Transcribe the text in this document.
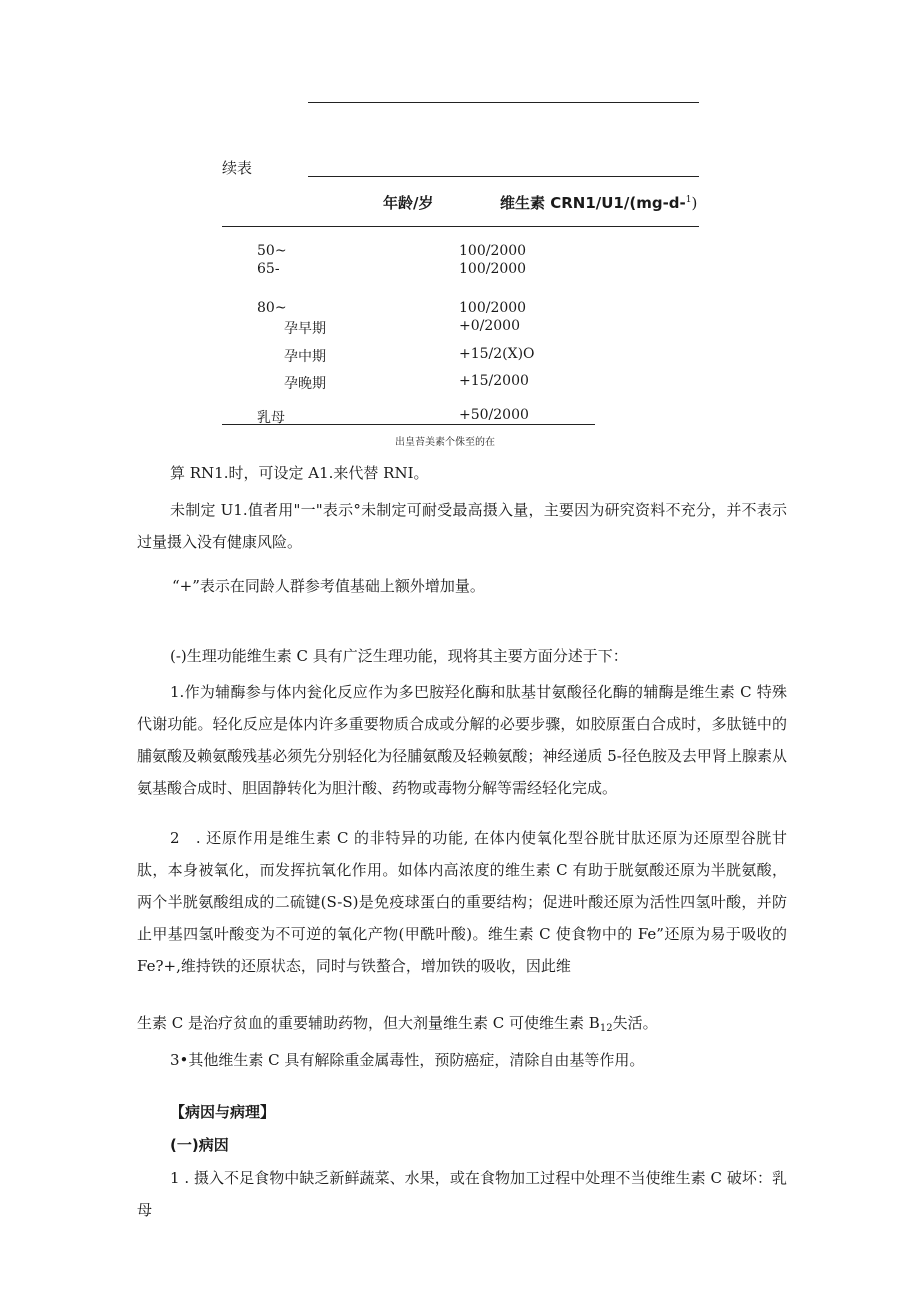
续表
年龄/岁	维生素 CRN1/U1/(mg-d-$^1$)
50~	100/2000
65-	100/2000
80~	100/2000
孕早期	+0/2000
孕中期	+15/2(X)O
孕晚期	+15/2000
乳母	+50/2000
出皇苔美素个侏至的在
算 RN1.时，可设定 A1.来代替 RNI。
未制定 U1.值者用"一"表示°未制定可耐受最高摄入量，主要因为研究资料不充分，并不表示过量摄入没有健康风险。
“+”表示在同龄人群参考值基础上额外增加量。
(-)生理功能维生素 C 具有广泛生理功能，现将其主要方面分述于下：
1.作为辅酶参与体内瓮化反应作为多巴胺羟化酶和肽基甘氨酸径化酶的辅酶是维生素 C 特殊代谢功能。轻化反应是体内许多重要物质合成或分解的必要步骤，如胶原蛋白合成时，多肽链中的脯氨酸及赖氨酸残基必须先分别轻化为径脯氨酸及轻赖氨酸；神经递质 5-径色胺及去甲肾上腺素从氨基酸合成时、胆固静转化为胆汁酸、药物或毒物分解等需经轻化完成。
2　. 还原作用是维生素 C 的非特异的功能, 在体内使氧化型谷胱甘肽还原为还原型谷胱甘肽，本身被氧化，而发挥抗氧化作用。如体内高浓度的维生素 C 有助于胱氨酸还原为半胱氨酸，两个半胱氨酸组成的二硫键(S-S)是免疫球蛋白的重要结构；促进叶酸还原为活性四氢叶酸，并防止甲基四氢叶酸变为不可逆的氧化产物(甲酰叶酸)。维生素 C 使食物中的 Fe”还原为易于吸收的 Fe?+,维持铁的还原状态，同时与铁螯合，增加铁的吸收，因此维
生素 C 是治疗贫血的重要辅助药物，但大剂量维生素 C 可使维生素 $B_{12}$失活。
3•其他维生素 C 具有解除重金属毒性，预防癌症，清除自由基等作用。
【病因与病理】
(一)病因
1 . 摄入不足食物中缺乏新鲜蔬菜、水果，或在食物加工过程中处理不当使维生素 C 破坏：乳母
